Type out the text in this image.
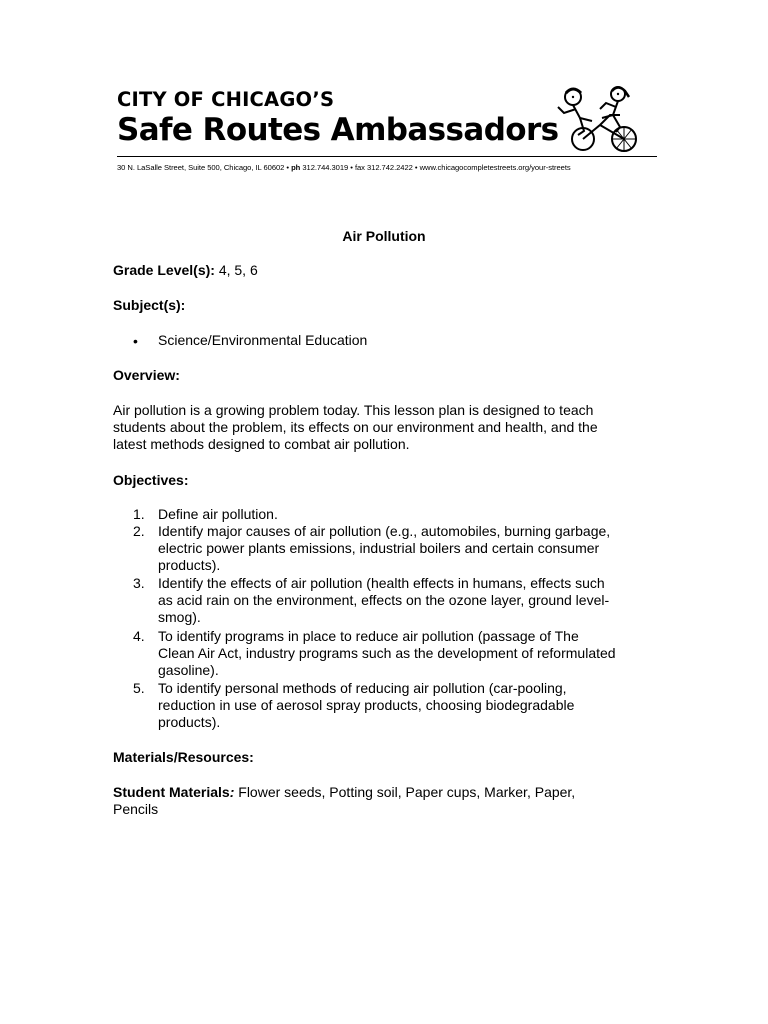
CITY OF CHICAGO’S
Safe Routes Ambassadors
30 N. LaSalle Street, Suite 500, Chicago, IL 60602 • ph 312.744.3019 • fax 312.742.2422 • www.chicagocompletestreets.org/your-streets
Air Pollution
Grade Level(s): 4, 5, 6
Subject(s):
• Science/Environmental Education
Overview:
Air pollution is a growing problem today. This lesson plan is designed to teach
students about the problem, its effects on our environment and health, and the
latest methods designed to combat air pollution.
Objectives:
1. Define air pollution.
2. Identify major causes of air pollution (e.g., automobiles, burning garbage,
electric power plants emissions, industrial boilers and certain consumer
products).
3. Identify the effects of air pollution (health effects in humans, effects such
as acid rain on the environment, effects on the ozone layer, ground level-
smog).
4. To identify programs in place to reduce air pollution (passage of The
Clean Air Act, industry programs such as the development of reformulated
gasoline).
5. To identify personal methods of reducing air pollution (car-pooling,
reduction in use of aerosol spray products, choosing biodegradable
products).
Materials/Resources:
Student Materials: Flower seeds, Potting soil, Paper cups, Marker, Paper,
Pencils
